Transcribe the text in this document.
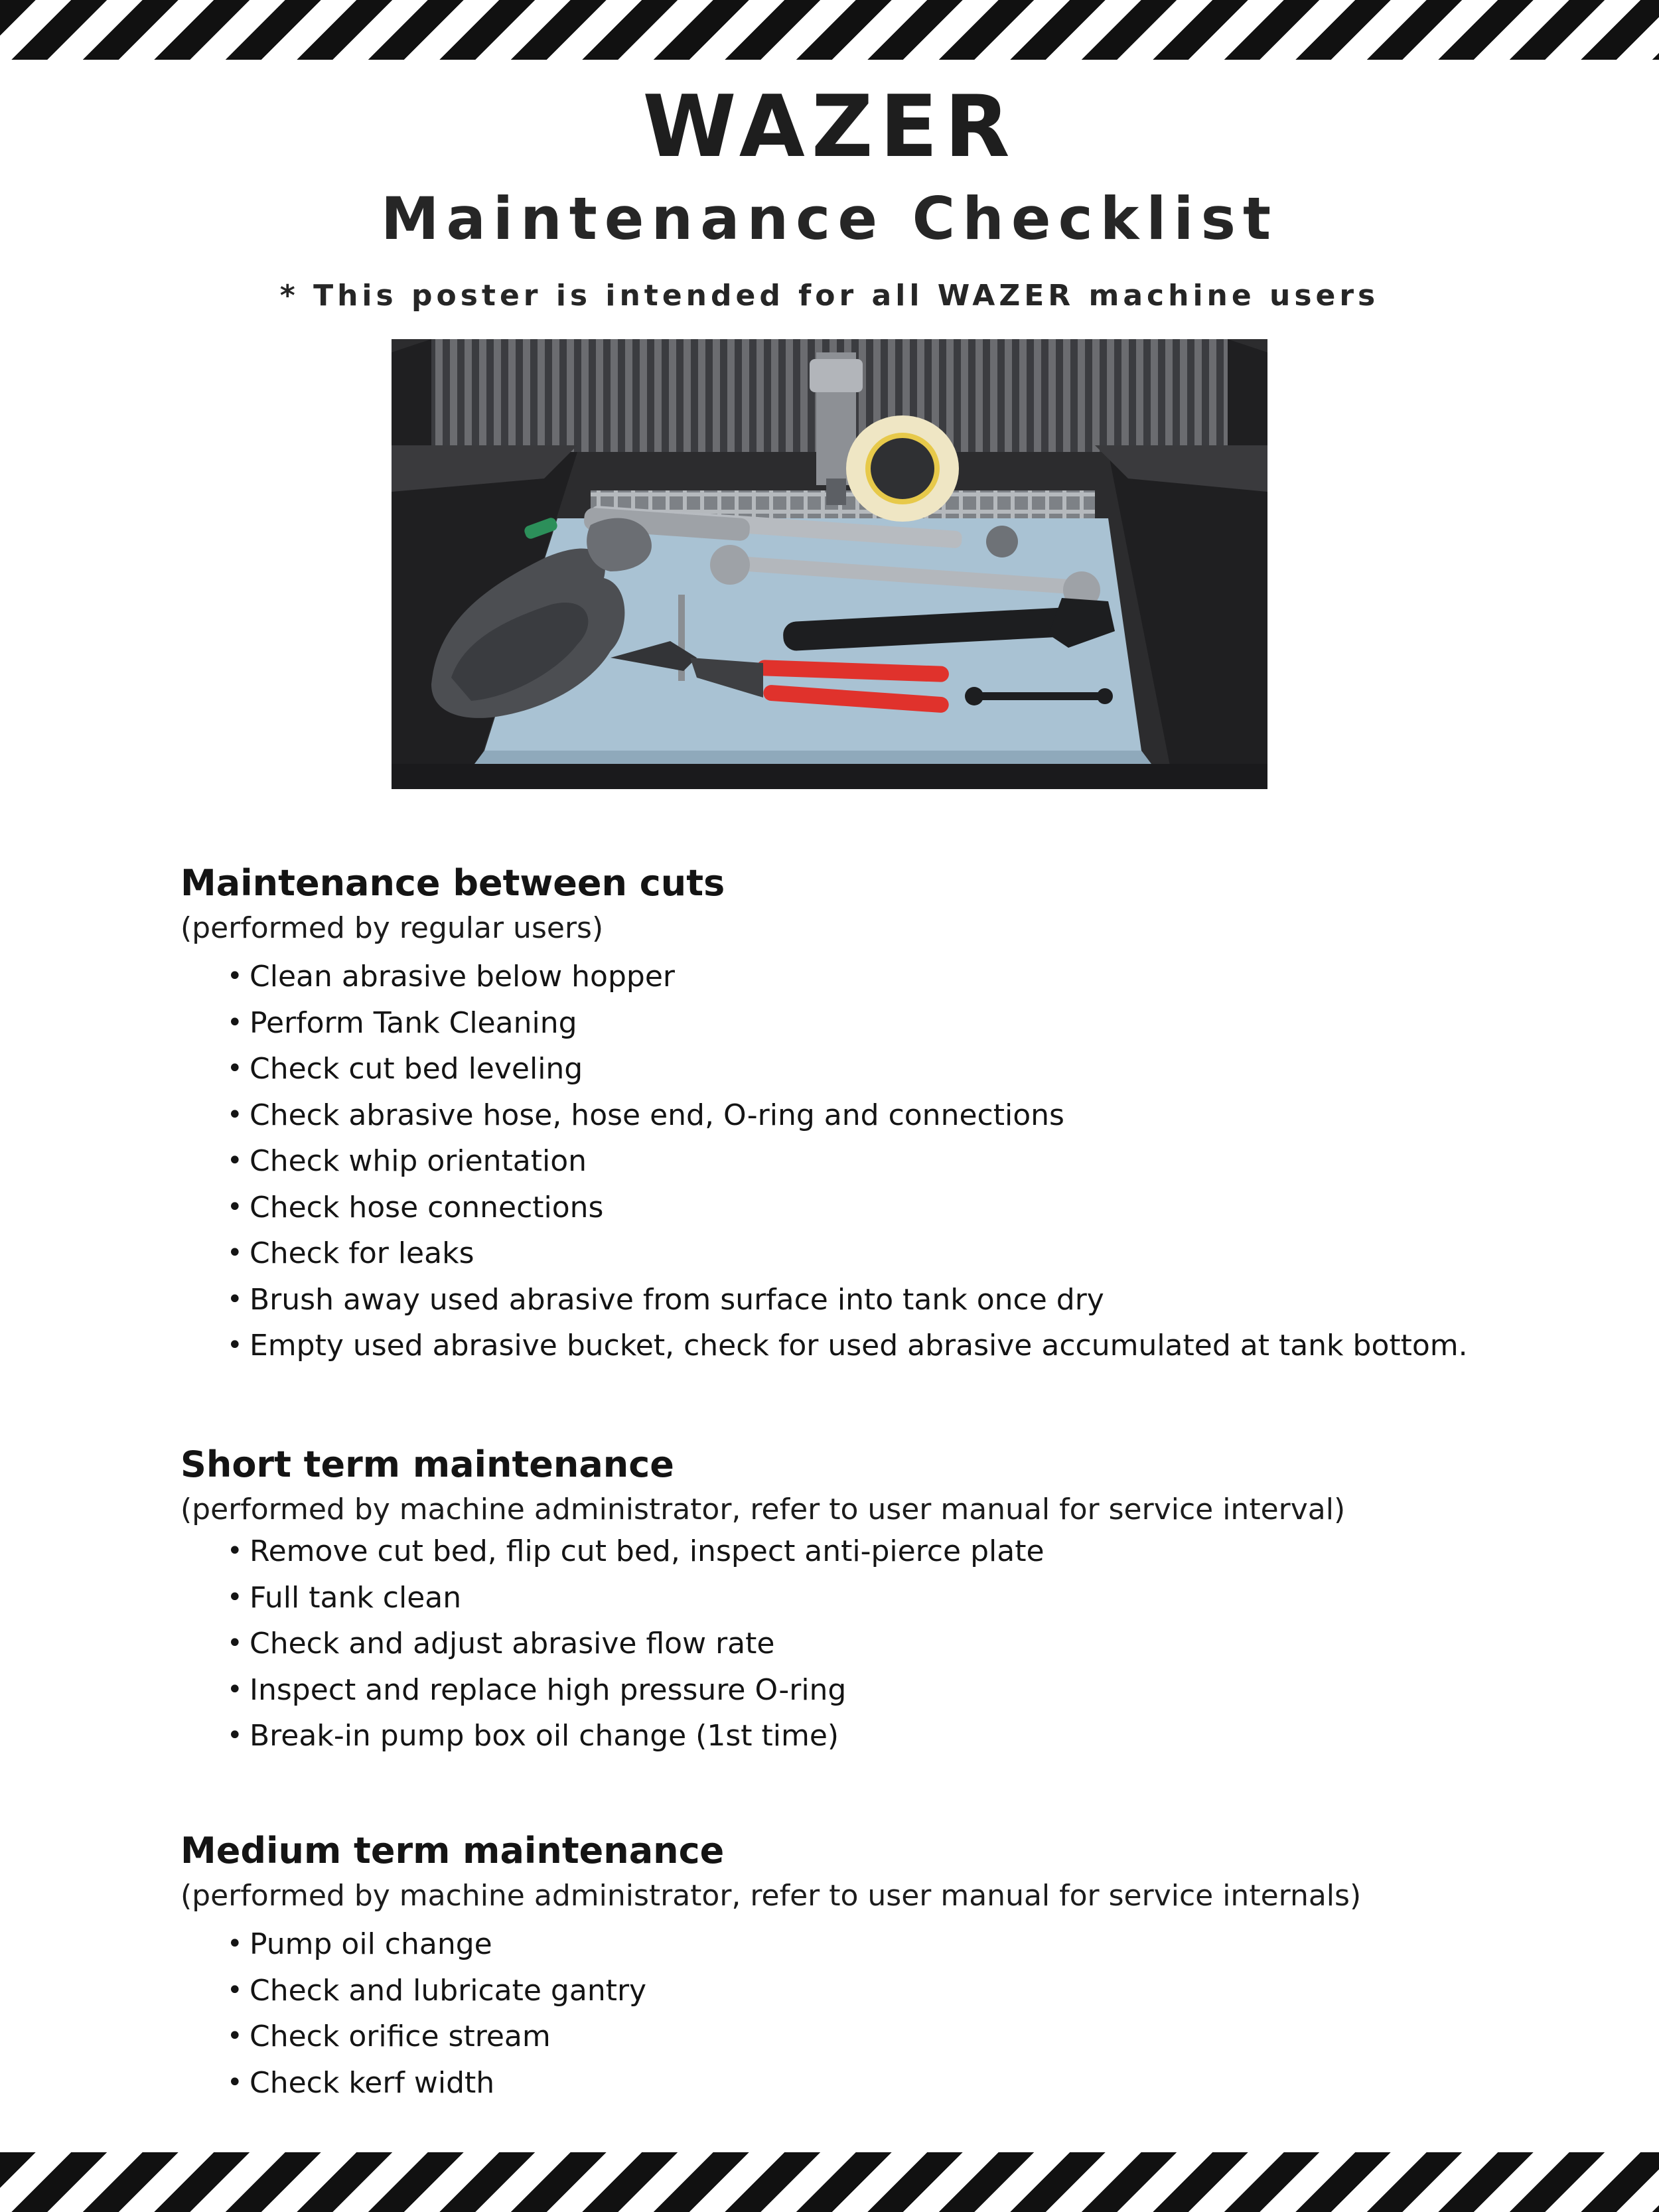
WAZER
Maintenance Checklist
* This poster is intended for all WAZER machine users
Maintenance between cuts
(performed by regular users)
• Clean abrasive below hopper
• Perform Tank Cleaning
• Check cut bed leveling
• Check abrasive hose, hose end, O-ring and connections
• Check whip orientation
• Check hose connections
• Check for leaks
• Brush away used abrasive from surface into tank once dry
• Empty used abrasive bucket, check for used abrasive accumulated at tank bottom.
Short term maintenance
(performed by machine administrator, refer to user manual for service interval)
• Remove cut bed, flip cut bed, inspect anti-pierce plate
• Full tank clean
• Check and adjust abrasive flow rate
• Inspect and replace high pressure O-ring
• Break-in pump box oil change (1st time)
Medium term maintenance
(performed by machine administrator, refer to user manual for service internals)
• Pump oil change
• Check and lubricate gantry
• Check orifice stream
• Check kerf width
